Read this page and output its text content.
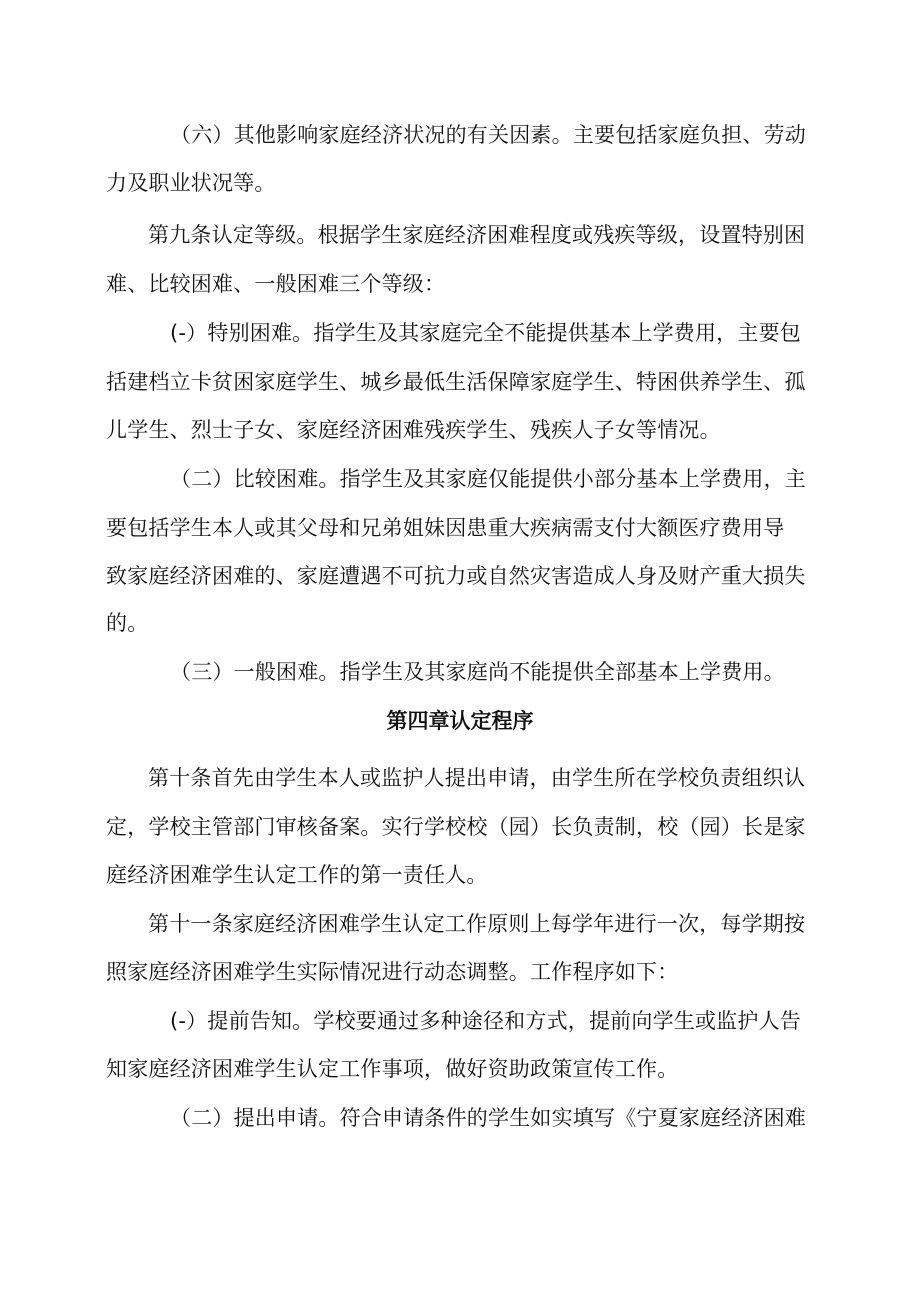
（六）其他影响家庭经济状况的有关因素。主要包括家庭负担、劳动
力及职业状况等。
第九条认定等级。根据学生家庭经济困难程度或残疾等级，设置特别困
难、比较困难、一般困难三个等级：
(-）特别困难。指学生及其家庭完全不能提供基本上学费用，主要包
括建档立卡贫困家庭学生、城乡最低生活保障家庭学生、特困供养学生、孤
儿学生、烈士子女、家庭经济困难残疾学生、残疾人子女等情况。
（二）比较困难。指学生及其家庭仅能提供小部分基本上学费用，主
要包括学生本人或其父母和兄弟姐妹因患重大疾病需支付大额医疗费用导
致家庭经济困难的、家庭遭遇不可抗力或自然灾害造成人身及财产重大损失
的。
（三）一般困难。指学生及其家庭尚不能提供全部基本上学费用。
第四章认定程序
第十条首先由学生本人或监护人提出申请，由学生所在学校负责组织认
定，学校主管部门审核备案。实行学校校（园）长负责制，校（园）长是家
庭经济困难学生认定工作的第一责任人。
第十一条家庭经济困难学生认定工作原则上每学年进行一次，每学期按
照家庭经济困难学生实际情况进行动态调整。工作程序如下：
(-）提前告知。学校要通过多种途径和方式，提前向学生或监护人告
知家庭经济困难学生认定工作事项，做好资助政策宣传工作。
（二）提出申请。符合申请条件的学生如实填写《宁夏家庭经济困难
